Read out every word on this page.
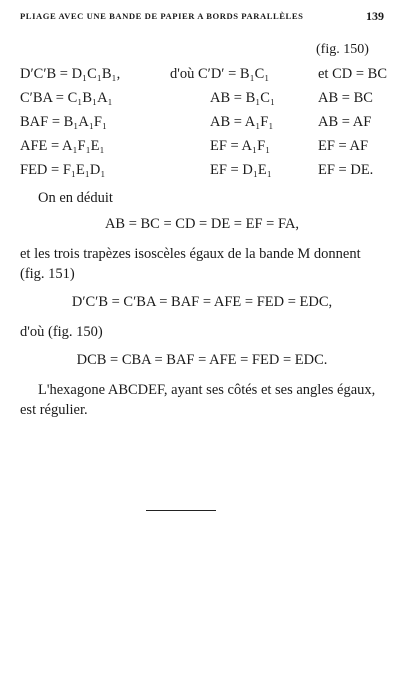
PLIAGE AVEC UNE BANDE DE PAPIER A BORDS PARALLÈLES	139
(fig. 150)
D′C′B = D₁C₁B₁,	d'où C′D′ = B₁C₁	et CD = BC
C′BA = C₁B₁A₁	AB = B₁C₁	AB = BC
BAF = B₁A₁F₁	AB = A₁F₁	AB = AF
AFE = A₁F₁E₁	EF = A₁F₁	EF = AF
FED = F₁E₁D₁	EF = D₁E₁	EF = DE.
On en déduit
AB = BC = CD = DE = EF = FA,
et les trois trapèzes isoscèles égaux de la bande M donnent (fig. 151)
D′C′B = C′BA = BAF = AFE = FED = EDC,
d'où (fig. 150)
DCB = CBA = BAF = AFE = FED = EDC.
L'hexagone ABCDEF, ayant ses côtés et ses angles égaux, est régulier.
